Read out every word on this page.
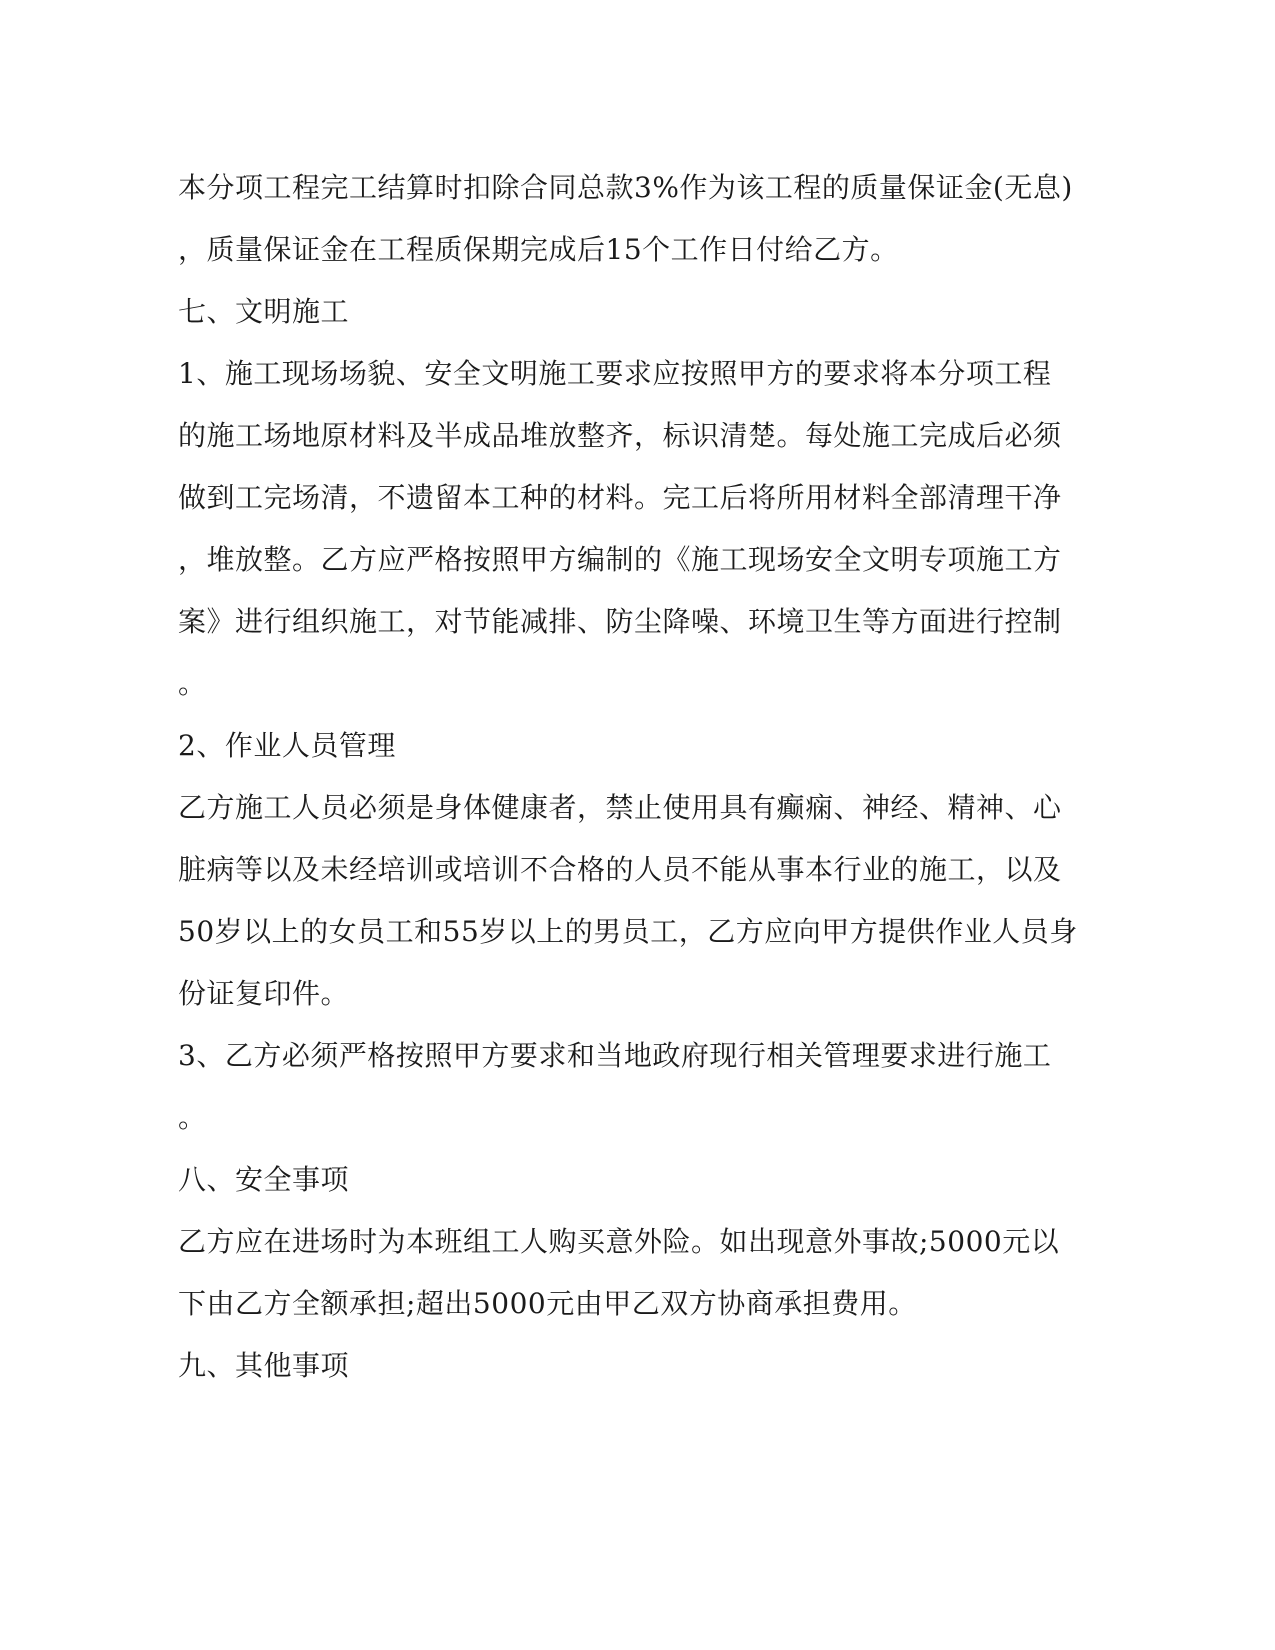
本分项工程完工结算时扣除合同总款3%作为该工程的质量保证金(无息)
，质量保证金在工程质保期完成后15个工作日付给乙方。
七、文明施工
1、施工现场场貌、安全文明施工要求应按照甲方的要求将本分项工程
的施工场地原材料及半成品堆放整齐，标识清楚。每处施工完成后必须
做到工完场清，不遗留本工种的材料。完工后将所用材料全部清理干净
，堆放整。乙方应严格按照甲方编制的《施工现场安全文明专项施工方
案》进行组织施工，对节能减排、防尘降噪、环境卫生等方面进行控制
。
2、作业人员管理
乙方施工人员必须是身体健康者，禁止使用具有癫痫、神经、精神、心
脏病等以及未经培训或培训不合格的人员不能从事本行业的施工，以及
50岁以上的女员工和55岁以上的男员工，乙方应向甲方提供作业人员身
份证复印件。
3、乙方必须严格按照甲方要求和当地政府现行相关管理要求进行施工
。
八、安全事项
乙方应在进场时为本班组工人购买意外险。如出现意外事故;5000元以
下由乙方全额承担;超出5000元由甲乙双方协商承担费用。
九、其他事项
